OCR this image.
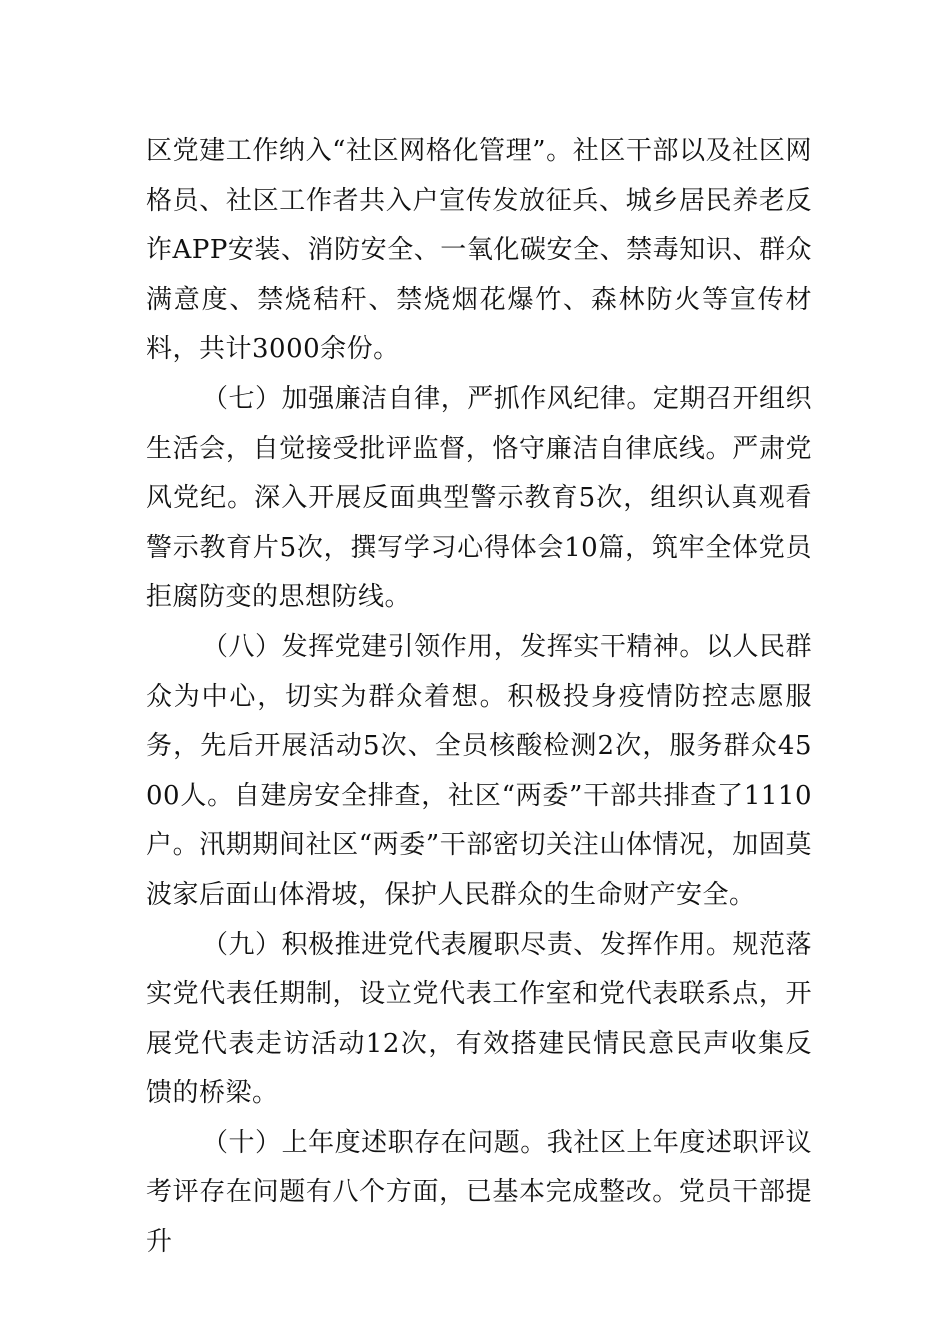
区党建工作纳入“社区网格化管理”。社区干部以及社区网格员、社区工作者共入户宣传发放征兵、城乡居民养老反诈APP安装、消防安全、一氧化碳安全、禁毒知识、群众满意度、禁烧秸秆、禁烧烟花爆竹、森林防火等宣传材料，共计3000余份。

（七）加强廉洁自律，严抓作风纪律。定期召开组织生活会，自觉接受批评监督，恪守廉洁自律底线。严肃党风党纪。深入开展反面典型警示教育5次，组织认真观看警示教育片5次，撰写学习心得体会10篇，筑牢全体党员拒腐防变的思想防线。

（八）发挥党建引领作用，发挥实干精神。以人民群众为中心，切实为群众着想。积极投身疫情防控志愿服务，先后开展活动5次、全员核酸检测2次，服务群众4500人。自建房安全排查，社区“两委”干部共排查了1110户。汛期期间社区“两委”干部密切关注山体情况，加固莫波家后面山体滑坡，保护人民群众的生命财产安全。

（九）积极推进党代表履职尽责、发挥作用。规范落实党代表任期制，设立党代表工作室和党代表联系点，开展党代表走访活动12次，有效搭建民情民意民声收集反馈的桥梁。

（十）上年度述职存在问题。我社区上年度述职评议考评存在问题有八个方面，已基本完成整改。党员干部提升
